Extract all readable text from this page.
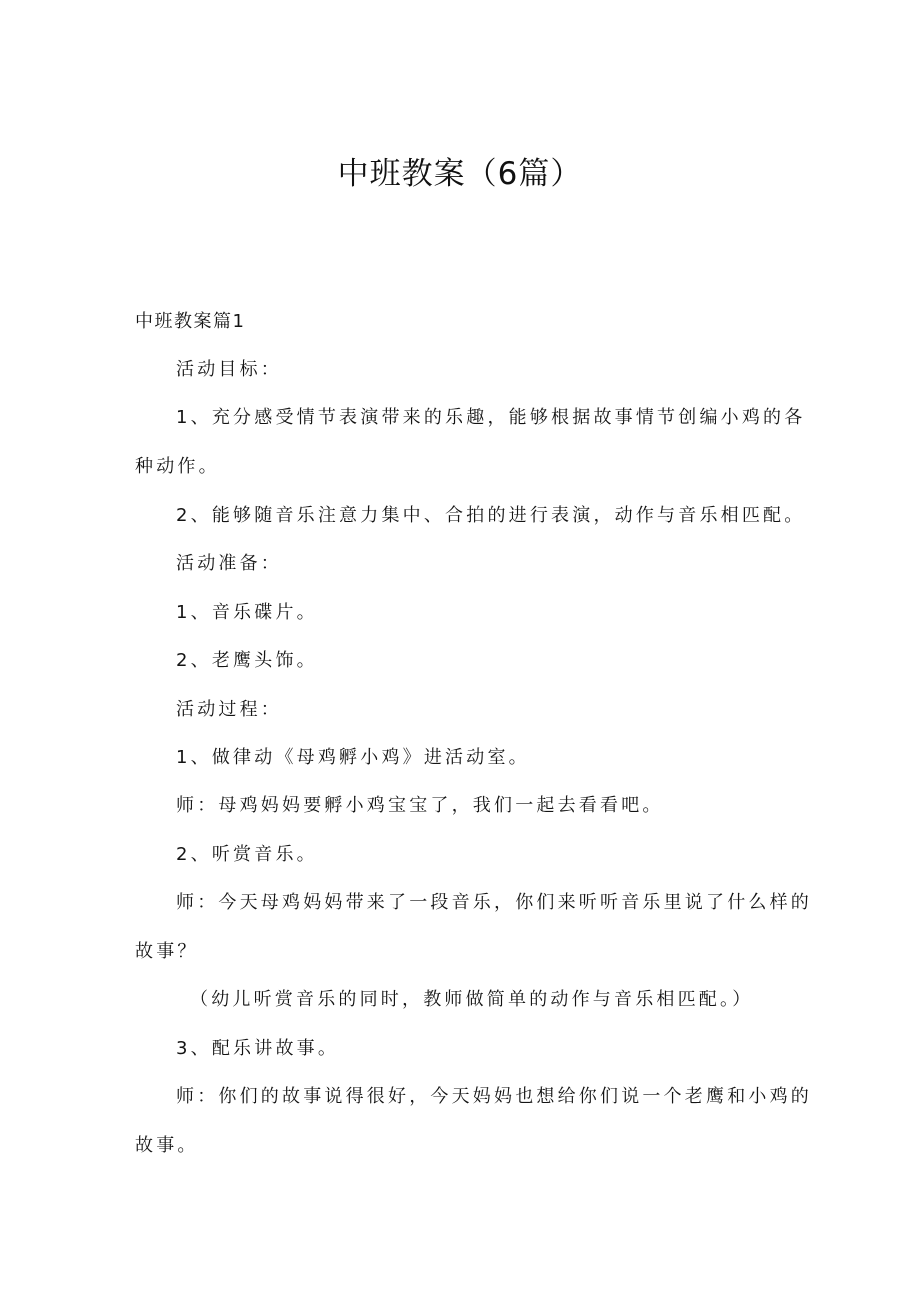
中班教案（6篇）
中班教案篇1
活动目标：
1、充分感受情节表演带来的乐趣，能够根据故事情节创编小鸡的各
种动作。
2、能够随音乐注意力集中、合拍的进行表演，动作与音乐相匹配。
活动准备：
1、音乐碟片。
2、老鹰头饰。
活动过程：
1、做律动《母鸡孵小鸡》进活动室。
师：母鸡妈妈要孵小鸡宝宝了，我们一起去看看吧。
2、听赏音乐。
师：今天母鸡妈妈带来了一段音乐，你们来听听音乐里说了什么样的
故事？
（幼儿听赏音乐的同时，教师做简单的动作与音乐相匹配。）
3、配乐讲故事。
师：你们的故事说得很好，今天妈妈也想给你们说一个老鹰和小鸡的
故事。
